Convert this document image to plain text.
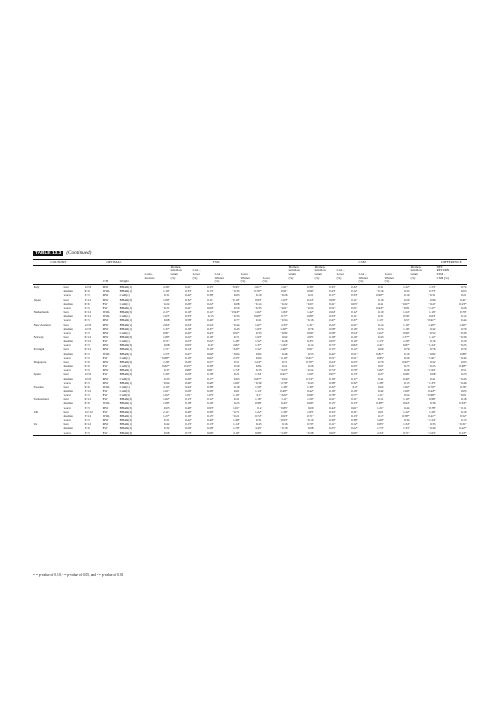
TABLE 13.3 (Continued)
COUNTRY		OPTIMAL			TSM						CSM						DIFFERENCE
						Momen-					Momen-	Momen-				Momen-	NET
						tum Raw	Cost –				tum Raw	tum Raw	Cost –			tum Raw	RETURN
					Costs-	return	Loser	Cost –	Loser		return	return	Loser	Cost –	Loser	return	TSM –
					tructure	(%)	(%)	Winner	Winner	Loser	(%)	(%)	(%)	Winner	Winner	(%)	CSM (%)
			J×H	Weight				(%)	(%)	(%)				(%)	(%)		
Italy	best	12×6	MW	BHAR(1)	2.26ᵃ	0.21ᶜ	0.33ᶜ	−0.95ᶜ	1.01ᵃᵃ	1.91ᵃ	0.38ᵃ	0.33ᶜ	0.32ᶜ	0.31	1.22ᵃ	1.53ᵃ	0.74
	median	6×9	IVOL	BHAR(1)	1.19ᵃ	0.33ᶜ	0.13ᶜ	−0.35	0.76ᵃᵃ	0.91ᶜ	0.96ᵃ	0.23ᶜ	0.12ᶜ	−0.16	0.33	0.73ᶜ	0.03
	worst	3×3	MW	CAR(1)	0.31	0.42ᵃ	0.38ᶜ	0.63	0.19	−0.26	0.21	0.17ᵃ	0.33ᶜ	0.90ᵃᵃ	0.19	−0.31	0.21
Japan	best	3×12	MW	BHAR(3)	1.09ᵃ	0.32ᵃ	0.11ᶜ	−0.19ᵃ	0.93ᵃ	1.63ᵃ	0.24ᵃ	0.06ᵃ	0.11ᶜ	0.16	0.20	0.96	0.41ᵃ
	median	6×6	EW	CAR(1)	0.24	0.26ᵃ	0.22ᵃ	0.08	−0.14	−0.22	−0.07	0.21ᶜ	0.05ᵃ	0.41	−0.07ᵃ	−0.47	0.23ᵃᵃ
	worst	3×3	EW	BHAR(1)	−0.21	0.41ᵃ	0.60ᵃ	0.50	−0.33	−3.01ᵃ	−0.24	0.51ᵃ	0.51ᶜ	0.94ᵃᵃ	−0.81	−1.27ᵃ	0.26
Netherlands	best	6×12	IVOL	BHAR(3)	2.17ᵃ	0.19ᵃ	0.12ᶜ	−0.94ᵃᵃ	1.02ᵃ	1.84ᵃ	1.42ᵃ	0.04ᶜ	0.12ᶜ	0.10	1.24ᵃ	1.16ᵃ	0.79ᶜ
	median	6×12	IVOL	CAR(1)	1.03ᵃ	0.33ᵃ	0.13	−0.33	0.69ᵃᵃ	0.77ᵃ	0.89ᵃ	0.33ᵃ	0.11ᶜ	0.31	0.56ᵃ	0.63ᶜ	0.12
	worst	6×3	MW	BHAR(1)	0.68	0.58ᵃ	0.40ᶜ	0.77	0.41	−0.54	−0.16	0.47ᶜ	0.37ᶜ	1.15ᶜ	0.57	−0.91ᵃᵃ	0.44
New Zealand	best	12×6	MW	BHAR(1)	2.84ᵃ	0.24ᵃ	0.24ᶜ	−0.44	1.67ᵃ	2.33ᵃ	1.31ᵃ	0.22ᵃ	0.21ᵃ	0.14	1.10ᵃ	1.29ᵃᵃ	1.26ᵃᵃ
	median	12×9	MW	BHAR(1)	1.37ᵃ	0.19ᵃ	0.37ᶜ	0.43	1.63ᵃ	1.20ᵃᵃ	0.76	0.58ᵃ	0.16ᵃ	0.74	1.16ᵃ	0.42	0.79
	worst	3×3	MW	CAR(1)	0.81ᵃ	0.42ᵃ	0.43ᵃ	0.97ᵃ	0.33	−0.82	0.96ᵃ	0.58ᵃ	0.54ᵃ	1.02ᵃ	0.90ᵃ	−0.52	−0.30
Norway	best	6×12	MW	BHAR(3)	1.80ᵃ	0.22ᵃ	0.16ᵃ	0.71	1.63ᵃ	0.92	2.65ᵃ	0.18ᵃ	0.16ᵃ	0.43	1.77ᵃᵃ	1.12ᵃ	−0.39
	median	3×12	EW	CAR(1)	0.71ᵃ	0.23ᵃ	0.22ᵃ	1.26ᵃ	1.52ᵃ	−0.26	0.35ᵃ	0.05ᵃ	0.19ᵃ	1.13ᵃ	1.29ᵃ	0.16	0.10
	worst	3×3	MW	BHAR(3)	0.08	0.93ᵃ	0.47	2.82ᵃ	1.37ᵃ	−1.84ᵃ	0.12	0.73ᵃ	0.84ᵃ	2.41ᵃ	0.87ᵃ	−1.24ᵃ	−0.25
Portugal	best	6×12	MW	BHAR(1)	1.71ᵃ	0.14ᵃ	0.19ᵃ	−0.6ᵃᵃ	1.52ᵃ	1.46ᵃᵃ	0.91ᵃ	0.15ᵃ	0.12ᵃ	0.09	0.79	0.76	0.70
	median	6×3	IVOL	BHAR(1)	1.53ᵃ	0.47ᵃ	0.60ᵃ	−0.04	0.82	0.46	0.53	0.42ᵃ	0.51ᵃ	0.81ᵃᵃ	0.19	−0.82	0.89ᵃ
	worst	3×3	EW	CAR(1)	−0.68ᵃᵃ	0.19ᵃ	0.62ᵃ	2.53ᵃ	0.04	−2.19ᵃ	−0.61ᵃᵃ	0.51ᵃ	0.51ᵃ	0.85ᵃ	0.20	−1.61ᵃ	−0.44
Singapore	best	3×9	MW	BHAR(3)	1.26ᵃ	0.26ᵃ	0.27ᵃ	0.51	1.24ᵃᵃ	0.71	0.70ᵃᵃ	0.24ᵃ	0.23ᵃ	0.70	0.92ᵃᵃ	0.22	0.93
	median	9×9	EW	CAR(3)	0.82ᵃᵃ	0.25ᵃᵃ	0.30ᵃ	0.59	0.82	0.21	0.26	0.21ᵃ	0.25ᵃ	0.97	0.75	−0.25	0.48ᵃᵃ
	worst	3×3	MW	BHAR(1)	0.37	0.80ᵃ	0.81ᵃ	1.74ᵃ	0.33	−3.23ᵃ	−0.22	0.74ᵃ	0.70ᵃ	1.82ᵃ	0.26	−1.94ᵃ	0.51
Spain	best	12×6	EW	BHAR(3)	1.29ᵃ	0.20ᵃ	0.18ᵃ	0.21	1.34ᵃ	0.91ᵃᵃ	1.00ᵃ	0.07ᵃ	0.13ᵃ	0.27	0.96ᵃ	0.68	0.23
	median	12×6	MW	CAR(3)	0.33	0.20ᵃ	0.17ᵃ	0.65	0.67ᵃᵃ	−0.02	0.74ᵃᵃ	0.19ᵃ	0.17ᵃ	0.41	0.40ᵃ	0.41	−0.43
	worst	6×3	MW	BHAR(1)	−0.94	0.40ᵃ	0.40ᵃ	1.60ᵃ	−0.39	−2.78ᵃ	−0.43	0.38ᵃ	0.32ᵃ	1.38ᵃ	0.15	−1.33ᵃ	−0.46
Sweden	best	9×6	IVOL	CAR(1)	2.10ᵃ	0.44ᵃ	0.38ᵃ	0.18	1.50ᵃ	1.36ᵃ	1.39ᵃ	0.32ᵃ	0.2ᵃ	0.62	1.82ᵃ	0.79ᵃᵃ	0.76ᵃ
	median	3×12	EW	CAR(3)	1.01ᵃ	0.26ᵃ	0.26ᵃ	0.61	1.14ᵃ	0.49ᵃᵃ	0.42ᵃ	0.19ᵃ	0.19ᵃ	0.42	1.09ᵃ	0.44ᵃᵃ	0.03
	worst	3×3	EW	CAR(3)	1.02ᵃ	1.01ᵃ	1.03ᵃ	1.19ᵃ	0.1ᵃ	−3.02ᵃ	0.96ᵃ	0.78ᵃ	0.77ᵃ	1.11ᵃ	0.54	−0.68ᵃᵃ	−0.01
Switzerland	best	6×12	EW	BHAR(3)	1.82ᵃ	0.13ᵃ	0.12ᵃ	0.21	1.16ᵃ	1.11ᵃ	1.20ᵃ	0.21ᵃ	0.11ᵃ	0.11	1.10ᵃ	0.98ᵃ	0.18
	median	6×9	IVOL	BHAR(1)	1.08ᵃ	0.18ᵃ	0.16ᵃ	0.25	0.98ᵃ	0.45ᵃ	0.66ᵃ	0.15ᵃ	0.13ᵃ	0.38ᵃᵃ	0.94ᵃ	0.36	0.34ᵃᵃ
	worst	3×3	MW	BHAR(3)	0.05	0.49ᵃ	0.93ᵃ	1.01ᵃ	0.2	−0.85ᵃ	0.09	0.44ᵃ	0.61ᵃ	1.21ᵃ	0.44	−0.78ᵃ	−0.11
UK	best	12×12	EW	BHAR(3)	2.11ᵃ	0.40ᵃ	0.39ᵃ	−0.71	1.22ᵃ	1.36ᵃ	1.83ᵃ	0.34ᵃ	0.31ᵃ	0.01	1.22ᵃ	1.20ᵃ	0.16
	median	3×12	IVOL	BHAR(1)	1.27ᵃ	0.16ᵃ	0.15ᵃ	−0.21	0.72ᵃ	0.93ᵃ	0.71ᵃ	0.13ᵃ	0.13ᵃ	0.17	0.58ᵃᵃ	0.41ᵃᵃ	0.52ᵃ
	worst	3×3	MW	BHAR(3)	0.31	0.42ᵃ	0.40ᵃ	1.48ᵃ	0.31	−0.93ᵃ	−0.10	0.39ᵃ	0.38ᵃ	1.60ᵃ	0.34	−1.24ᵃ	0.13
Us	best	6×12	MW	BHAR(1)	0.42	0.13ᵃ	0.13ᵃ	1.14ᵃ	0.43	0.16	0.70ᵃ	0.11ᵃ	0.12ᵃ	0.85ᵃ	1.34ᵃ	0.33	−0.31ᵃ
	median	3×9	EW	BHAR(3)	0.32	0.26ᵃ	0.28ᵃ	1.79ᵃ	3.45ᵃ	−0.18	0.08	0.25ᵃ	0.22ᵃ	1.73ᵃ	1.33ᵃ	−0.40	0.22ᵃᵃ
	worst	3×3	EW	BHAR(3)	0.08	0.73ᵃ	0.66ᵃ	2.19ᵃ	0.89ᵃ	−3.30ᵃ	−0.38	0.63ᵃ	0.60ᵃ	2.34ᵃ	0.71ᵃ	−1.63ᵃ	0.13ᵃᵃ
ᵃᵃ = p-value of 0.10, ᶜ = p-value of 0.05, and ᵃ = p-value of 0.01
